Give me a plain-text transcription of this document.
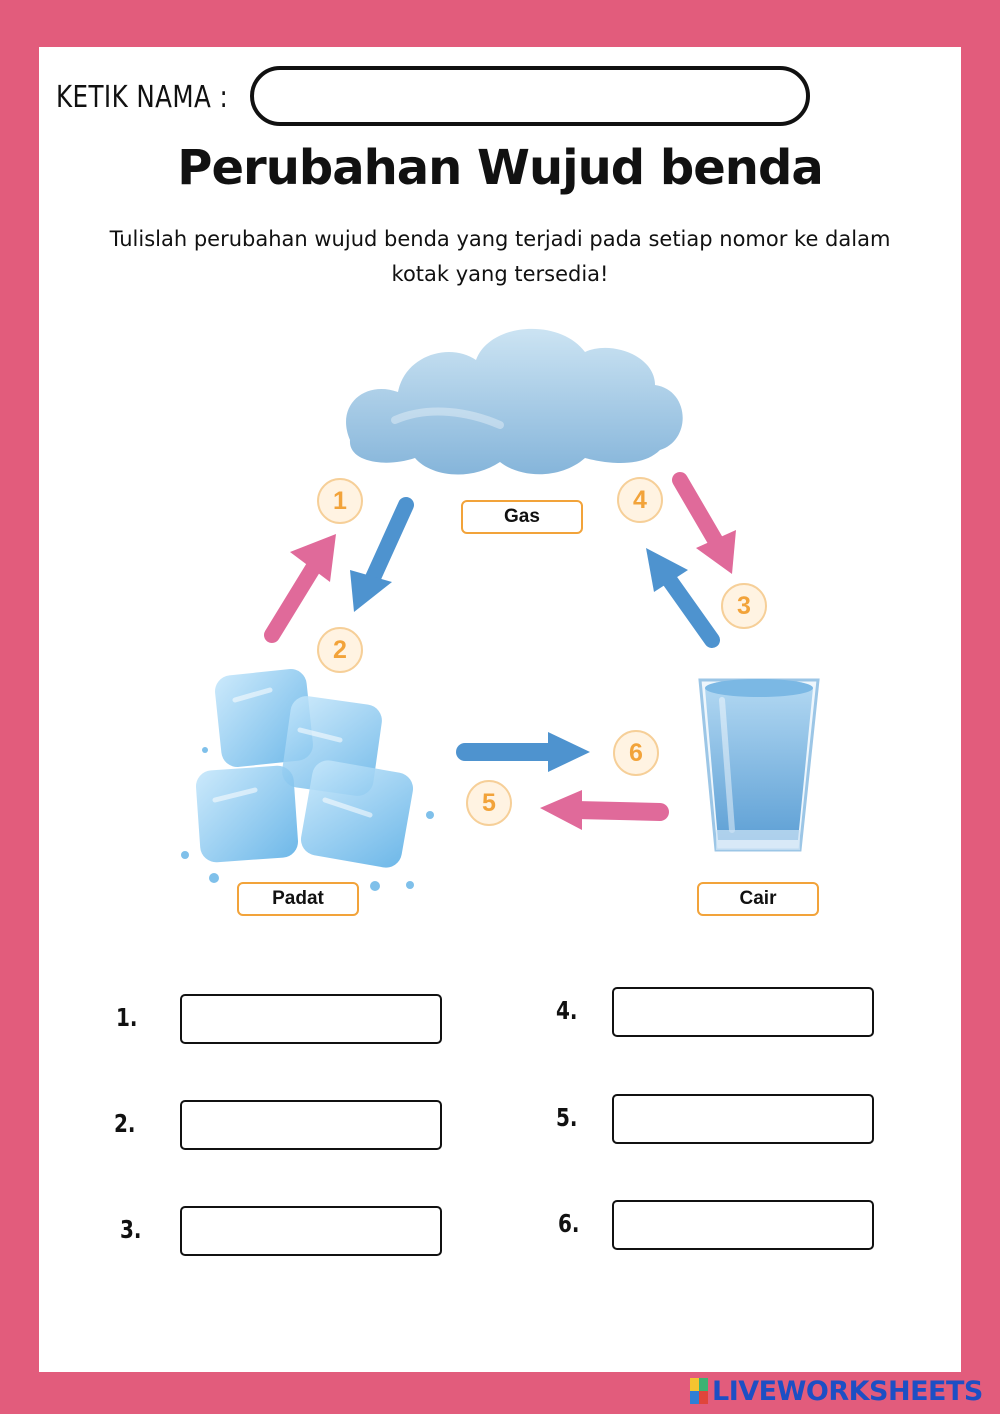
KETIK NAMA :
Perubahan Wujud benda
Tulislah perubahan wujud benda yang terjadi pada setiap nomor ke dalam kotak yang tersedia!
Gas
Padat	Cair
1
2
3
4
5
6
1.
2.
3.
4.
5.
6.
LIVEWORKSHEETS
